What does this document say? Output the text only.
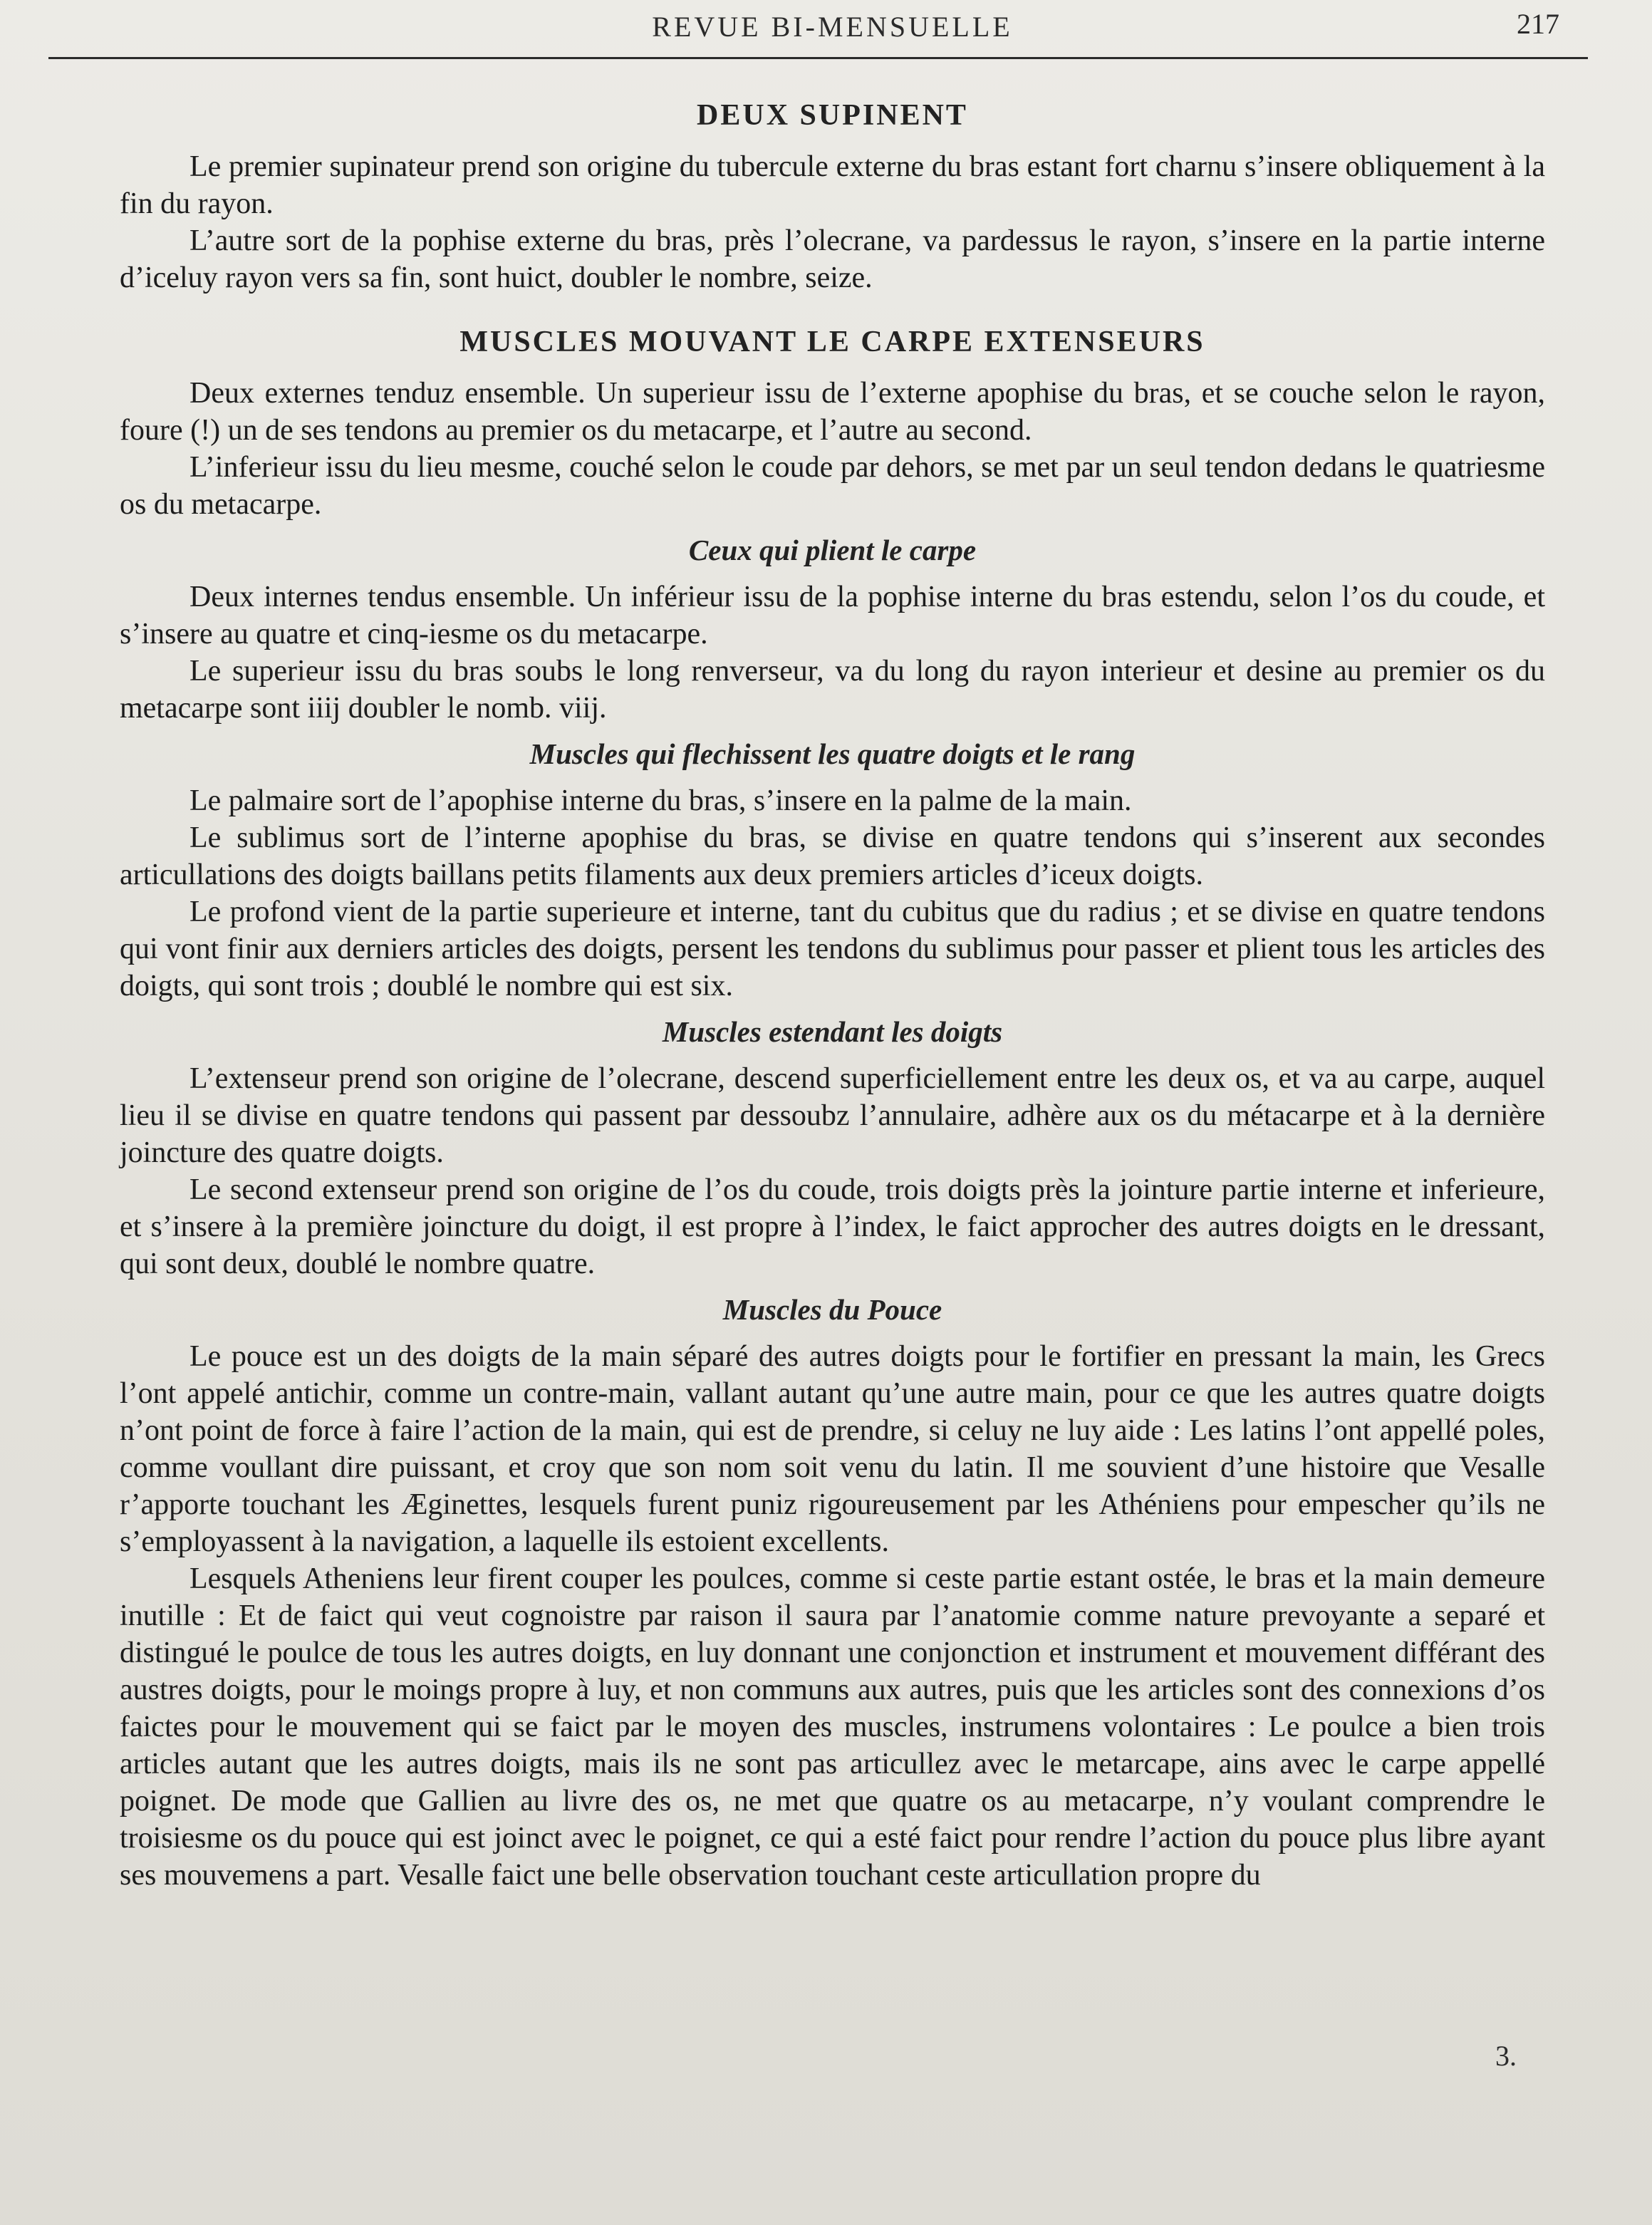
REVUE BI-MENSUELLE	217
DEUX SUPINENT

Le premier supinateur prend son origine du tubercule externe du bras estant fort charnu s’insere obliquement à la fin du rayon.

L’autre sort de la pophise externe du bras, près l’olecrane, va pardessus le rayon, s’insere en la partie interne d’iceluy rayon vers sa fin, sont huict, doubler le nombre, seize.

MUSCLES MOUVANT LE CARPE EXTENSEURS

Deux externes tenduz ensemble. Un superieur issu de l’externe apophise du bras, et se couche selon le rayon, foure (!) un de ses tendons au premier os du metacarpe, et l’autre au second.

L’inferieur issu du lieu mesme, couché selon le coude par dehors, se met par un seul tendon dedans le quatriesme os du metacarpe.

Ceux qui plient le carpe

Deux internes tendus ensemble. Un inférieur issu de la pophise interne du bras estendu, selon l’os du coude, et s’insere au quatre et cinq-iesme os du metacarpe.

Le superieur issu du bras soubs le long renverseur, va du long du rayon interieur et desine au premier os du metacarpe sont iiij doubler le nomb. viij.

Muscles qui flechissent les quatre doigts et le rang

Le palmaire sort de l’apophise interne du bras, s’insere en la palme de la main.

Le sublimus sort de l’interne apophise du bras, se divise en quatre tendons qui s’inserent aux secondes articullations des doigts baillans petits filaments aux deux premiers articles d’iceux doigts.

Le profond vient de la partie superieure et interne, tant du cubitus que du radius ; et se divise en quatre tendons qui vont finir aux derniers articles des doigts, persent les tendons du sublimus pour passer et plient tous les articles des doigts, qui sont trois ; doublé le nombre qui est six.

Muscles estendant les doigts

L’extenseur prend son origine de l’olecrane, descend superficiellement entre les deux os, et va au carpe, auquel lieu il se divise en quatre tendons qui passent par dessoubz l’annulaire, adhère aux os du métacarpe et à la dernière joincture des quatre doigts.

Le second extenseur prend son origine de l’os du coude, trois doigts près la jointure partie interne et inferieure, et s’insere à la première joincture du doigt, il est propre à l’index, le faict approcher des autres doigts en le dressant, qui sont deux, doublé le nombre quatre.

Muscles du Pouce

Le pouce est un des doigts de la main séparé des autres doigts pour le fortifier en pressant la main, les Grecs l’ont appelé antichir, comme un contre-main, vallant autant qu’une autre main, pour ce que les autres quatre doigts n’ont point de force à faire l’action de la main, qui est de prendre, si celuy ne luy aide : Les latins l’ont appellé poles, comme voullant dire puissant, et croy que son nom soit venu du latin. Il me souvient d’une histoire que Vesalle r’apporte touchant les Æginettes, lesquels furent puniz rigoureusement par les Athéniens pour empescher qu’ils ne s’employassent à la navigation, a laquelle ils estoient excellents.

Lesquels Atheniens leur firent couper les poulces, comme si ceste partie estant ostée, le bras et la main demeure inutille : Et de faict qui veut cognoistre par raison il saura par l’anatomie comme nature prevoyante a separé et distingué le poulce de tous les autres doigts, en luy donnant une conjonction et instrument et mouvement différant des austres doigts, pour le moings propre à luy, et non communs aux autres, puis que les articles sont des connexions d’os faictes pour le mouvement qui se faict par le moyen des muscles, instrumens volontaires : Le poulce a bien trois articles autant que les autres doigts, mais ils ne sont pas articullez avec le metarcape, ains avec le carpe appellé poignet. De mode que Gallien au livre des os, ne met que quatre os au metacarpe, n’y voulant comprendre le troisiesme os du pouce qui est joinct avec le poignet, ce qui a esté faict pour rendre l’action du pouce plus libre ayant ses mouvemens a part. Vesalle faict une belle observation touchant ceste articullation propre du

3.
